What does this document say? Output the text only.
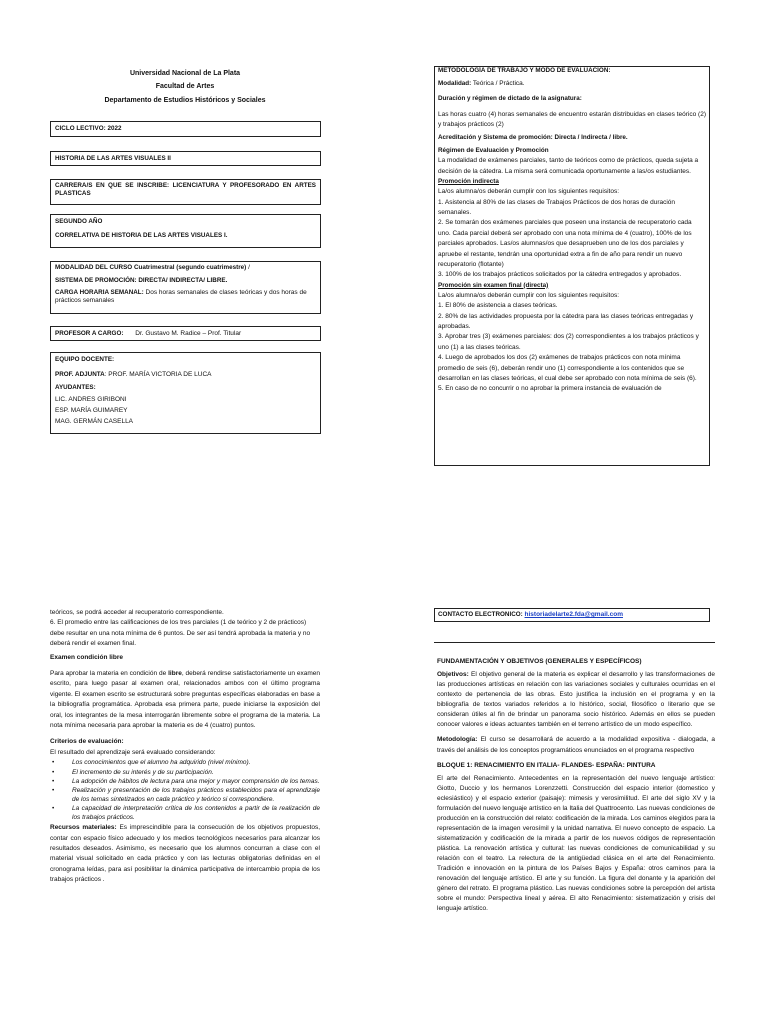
Universidad Nacional de La Plata
Facultad de Artes
Departamento de Estudios Históricos y Sociales
CICLO LECTIVO: 2022
HISTORIA DE LAS ARTES VISUALES II
CARRERA/S EN QUE SE INSCRIBE: LICENCIATURA Y PROFESORADO EN ARTES PLASTICAS
SEGUNDO AÑO
CORRELATIVA DE HISTORIA DE LAS ARTES VISUALES I.
MODALIDAD DEL CURSO Cuatrimestral (segundo cuatrimestre) /
SISTEMA DE PROMOCIÓN: DIRECTA/ INDIRECTA/ LIBRE.
CARGA HORARIA SEMANAL: Dos horas semanales de clases teóricas y dos horas de prácticos semanales
PROFESOR A CARGO: Dr. Gustavo M. Radice – Prof. Titular
EQUIPO DOCENTE:
PROF. ADJUNTA: PROF. MARÍA VICTORIA DE LUCA
AYUDANTES:
LIC. ANDRES GIRIBONI
ESP. MARÍA GUIMAREY
MAG. GERMÁN CASELLA
METODOLOGÍA DE TRABAJO Y MODO DE EVALUACIÓN:

Modalidad: Teórica / Práctica.

Duración y régimen de dictado de la asignatura:

Las horas cuatro (4) horas semanales de encuentro estarán distribuidas en clases teórico (2) y trabajos prácticos (2)

Acreditación y Sistema de promoción: Directa / Indirecta / libre.

Régimen de Evaluación y Promoción

La modalidad de exámenes parciales, tanto de teóricos como de prácticos, queda sujeta a decisión de la cátedra. La misma será comunicada oportunamente a las/os estudiantes.

Promoción indirecta

La/os alumna/os deberán cumplir con los siguientes requisitos:

1. Asistencia al 80% de las clases de Trabajos Prácticos de dos horas de duración semanales.

2. Se tomarán dos exámenes parciales que poseen una instancia de recuperatorio cada uno. Cada parcial deberá ser aprobado con una nota mínima de 4 (cuatro), 100% de los parciales aprobados. Las/os alumnas/os que desaprueben uno de los dos parciales y apruebe el restante, tendrán una oportunidad extra a fin de año para rendir un nuevo recuperatorio (flotante)

3. 100% de los trabajos prácticos solicitados por la cátedra entregados y aprobados.

Promoción sin examen final (directa)

La/os alumna/os deberán cumplir con los siguientes requisitos:

1. El 80% de asistencia a clases teóricas.

2. 80% de las actividades propuesta por la cátedra para las clases teóricas entregadas y aprobadas.

3. Aprobar tres (3) exámenes parciales: dos (2) correspondientes a los trabajos prácticos y uno (1) a las clases teóricas.

4. Luego de aprobados los dos (2) exámenes de trabajos prácticos con nota mínima promedio de seis (6), deberán rendir uno (1) correspondiente a los contenidos que se desarrollan en las clases teóricas, el cual debe ser aprobado con nota mínima de seis (6).

5. En caso de no concurrir o no aprobar la primera instancia de evaluación de

teóricos, se podrá acceder al recuperatorio correspondiente.

6. El promedio entre las calificaciones de los tres parciales (1 de teórico y 2 de prácticos) debe resultar en una nota mínima de 6 puntos. De ser así tendrá aprobada la materia y no deberá rendir el examen final.

Examen condición libre

Para aprobar la materia en condición de libre, deberá rendirse satisfactoriamente un examen escrito, para luego pasar al examen oral, relacionados ambos con el último programa vigente. El examen escrito se estructurará sobre preguntas específicas elaboradas en base a la bibliografía programática. Aprobada esa primera parte, puede iniciarse la exposición del oral, los integrantes de la mesa interrogarán libremente sobre el programa de la materia. La nota mínima necesaria para aprobar la materia es de 4 (cuatro) puntos.

Criterios de evaluación:

El resultado del aprendizaje será evaluado considerando:

• Los conocimientos que el alumno ha adquirido (nivel mínimo).
• El incremento de su interés y de su participación.
• La adopción de hábitos de lectura para una mejor y mayor comprensión de los temas.
• Realización y presentación de los trabajos prácticos establecidos para el aprendizaje de los temas sintetizados en cada práctico y teórico si correspondiere.
• La capacidad de interpretación crítica de los contenidos a partir de la realización de los trabajos prácticos.

Recursos materiales: Es imprescindible para la consecución de los objetivos propuestos, contar con espacio físico adecuado y los medios tecnológicos necesarios para alcanzar los resultados deseados. Asimismo, es necesario que los alumnos concurran a clase con el material visual solicitado en cada práctico y con las lecturas obligatorias definidas en el cronograma leídas, para así posibilitar la dinámica participativa de intercambio propia de los trabajos prácticos .

CONTACTO ELECTRONICO: historiadelarte2.fda@gmail.com

FUNDAMENTACIÓN Y OBJETIVOS (GENERALES Y ESPECÍFICOS)

Objetivos: El objetivo general de la materia es explicar el desarrollo y las transformaciones de las producciones artísticas en relación con las variaciones sociales y culturales ocurridas en el contexto de pertenencia de las obras. Esto justifica la inclusión en el programa y en la bibliografía de textos variados referidos a lo histórico, social, filosófico o literario que se consideran útiles al fin de brindar un panorama socio histórico. Además en ellos se pueden conocer valores e ideas actuantes también en el terreno artístico de un modo específico.

Metodología: El curso se desarrollará de acuerdo a la modalidad expositiva - dialogada, a través del análisis de los conceptos programáticos enunciados en el programa respectivo

BLOQUE 1: RENACIMIENTO EN ITALIA- FLANDES- ESPAÑA: PINTURA

El arte del Renacimiento. Antecedentes en la representación del nuevo lenguaje artístico: Giotto, Duccio y los hermanos Lorenzzetti. Construcción del espacio interior (domestico y eclesiástico) y el espacio exterior (paisaje): mimesis y verosimilitud. El arte del siglo XV y la formulación del nuevo lenguaje artístico en la Italia del Quattrocento. Las nuevas condiciones de producción en la construcción del relato: codificación de la mirada. Los caminos elegidos para la representación de la imagen verosímil y la unidad narrativa. El nuevo concepto de espacio. La sistematización y codificación de la mirada a partir de los nuevos códigos de representación plástica. La renovación artística y cultural: las nuevas condiciones de comunicabilidad y su relación con el teatro. La relectura de la antigüedad clásica en el arte del Renacimiento. Tradición e innovación en la pintura de los Países Bajos y España: otros caminos para la renovación del lenguaje artístico. El arte y su función. La figura del donante y la aparición del género del retrato. El programa plástico. Las nuevas condiciones sobre la percepción del artista sobre el mundo: Perspectiva lineal y aérea. El alto Renacimiento: sistematización y crisis del lenguaje artístico.
